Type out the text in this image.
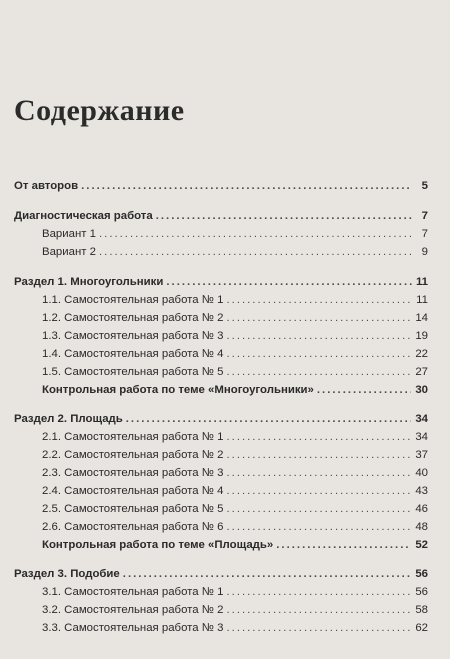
Содержание
От авторов .....	5
Диагностическая работа .....	7
Вариант 1 .....	7
Вариант 2 .....	9
Раздел 1. Многоугольники .....	11
1.1. Самостоятельная работа № 1 .....	11
1.2. Самостоятельная работа № 2 .....	14
1.3. Самостоятельная работа № 3 .....	19
1.4. Самостоятельная работа № 4 .....	22
1.5. Самостоятельная работа № 5 .....	27
Контрольная работа по теме «Многоугольники» .....	30
Раздел 2. Площадь .....	34
2.1. Самостоятельная работа № 1 .....	34
2.2. Самостоятельная работа № 2 .....	37
2.3. Самостоятельная работа № 3 .....	40
2.4. Самостоятельная работа № 4 .....	43
2.5. Самостоятельная работа № 5 .....	46
2.6. Самостоятельная работа № 6 .....	48
Контрольная работа по теме «Площадь» .....	52
Раздел 3. Подобие .....	56
3.1. Самостоятельная работа № 1 .....	56
3.2. Самостоятельная работа № 2 .....	58
3.3. Самостоятельная работа № 3 .....	62
